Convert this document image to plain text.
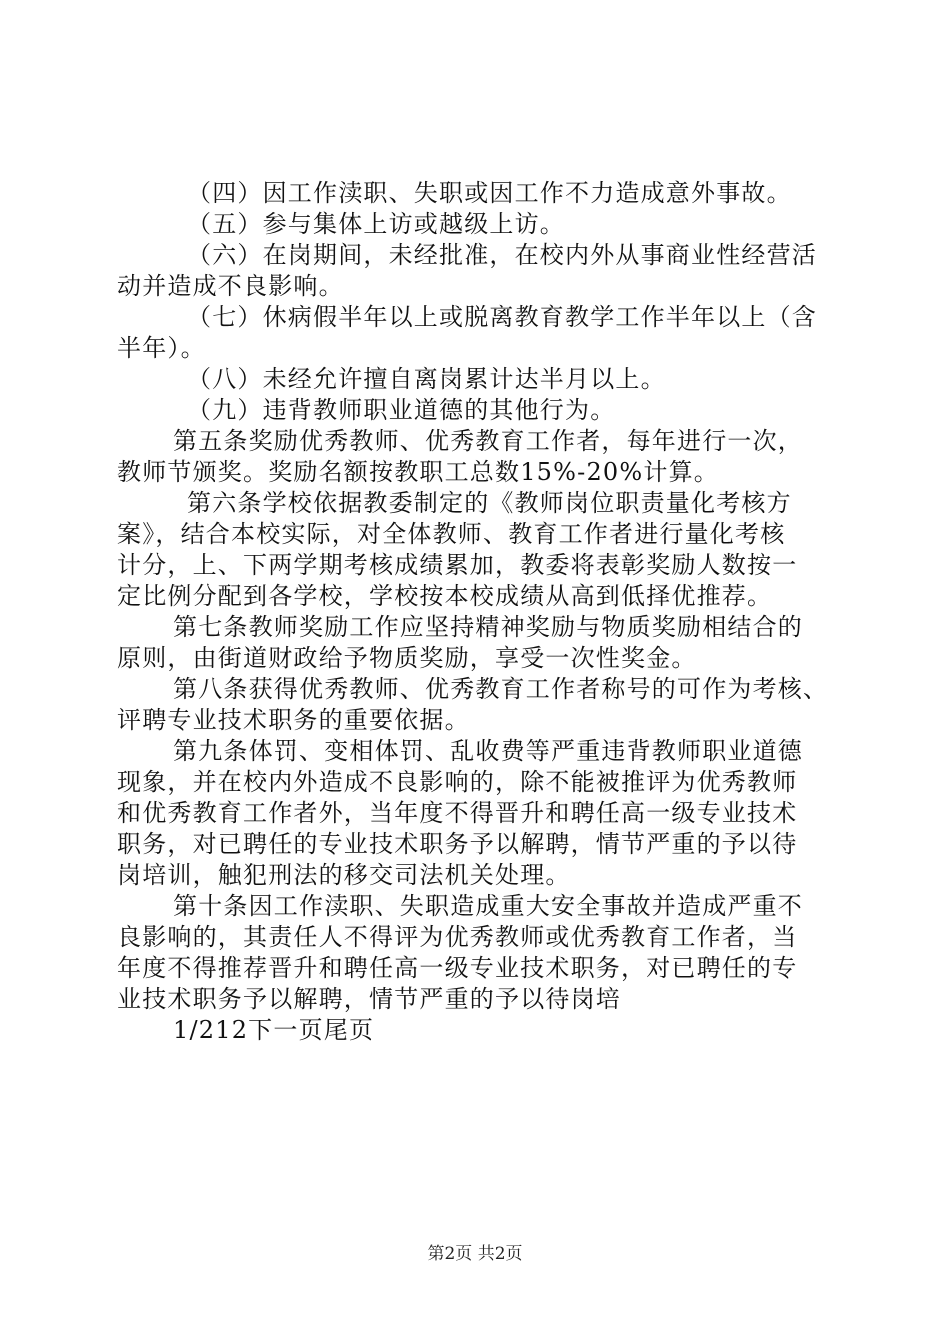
（四）因工作渎职、失职或因工作不力造成意外事故。
（五）参与集体上访或越级上访。
（六）在岗期间，未经批准，在校内外从事商业性经营活
动并造成不良影响。
（七）休病假半年以上或脱离教育教学工作半年以上（含
半年）。
（八）未经允许擅自离岗累计达半月以上。
（九）违背教师职业道德的其他行为。
第五条奖励优秀教师、优秀教育工作者，每年进行一次，
教师节颁奖。奖励名额按教职工总数15%-20%计算。
第六条学校依据教委制定的《教师岗位职责量化考核方
案》，结合本校实际，对全体教师、教育工作者进行量化考核
计分，上、下两学期考核成绩累加，教委将表彰奖励人数按一
定比例分配到各学校，学校按本校成绩从高到低择优推荐。
第七条教师奖励工作应坚持精神奖励与物质奖励相结合的
原则，由街道财政给予物质奖励，享受一次性奖金。
第八条获得优秀教师、优秀教育工作者称号的可作为考核、
评聘专业技术职务的重要依据。
第九条体罚、变相体罚、乱收费等严重违背教师职业道德
现象，并在校内外造成不良影响的，除不能被推评为优秀教师
和优秀教育工作者外，当年度不得晋升和聘任高一级专业技术
职务，对已聘任的专业技术职务予以解聘，情节严重的予以待
岗培训，触犯刑法的移交司法机关处理。
第十条因工作渎职、失职造成重大安全事故并造成严重不
良影响的，其责任人不得评为优秀教师或优秀教育工作者，当
年度不得推荐晋升和聘任高一级专业技术职务，对已聘任的专
业技术职务予以解聘，情节严重的予以待岗培
1/212下一页尾页
第2页 共2页
